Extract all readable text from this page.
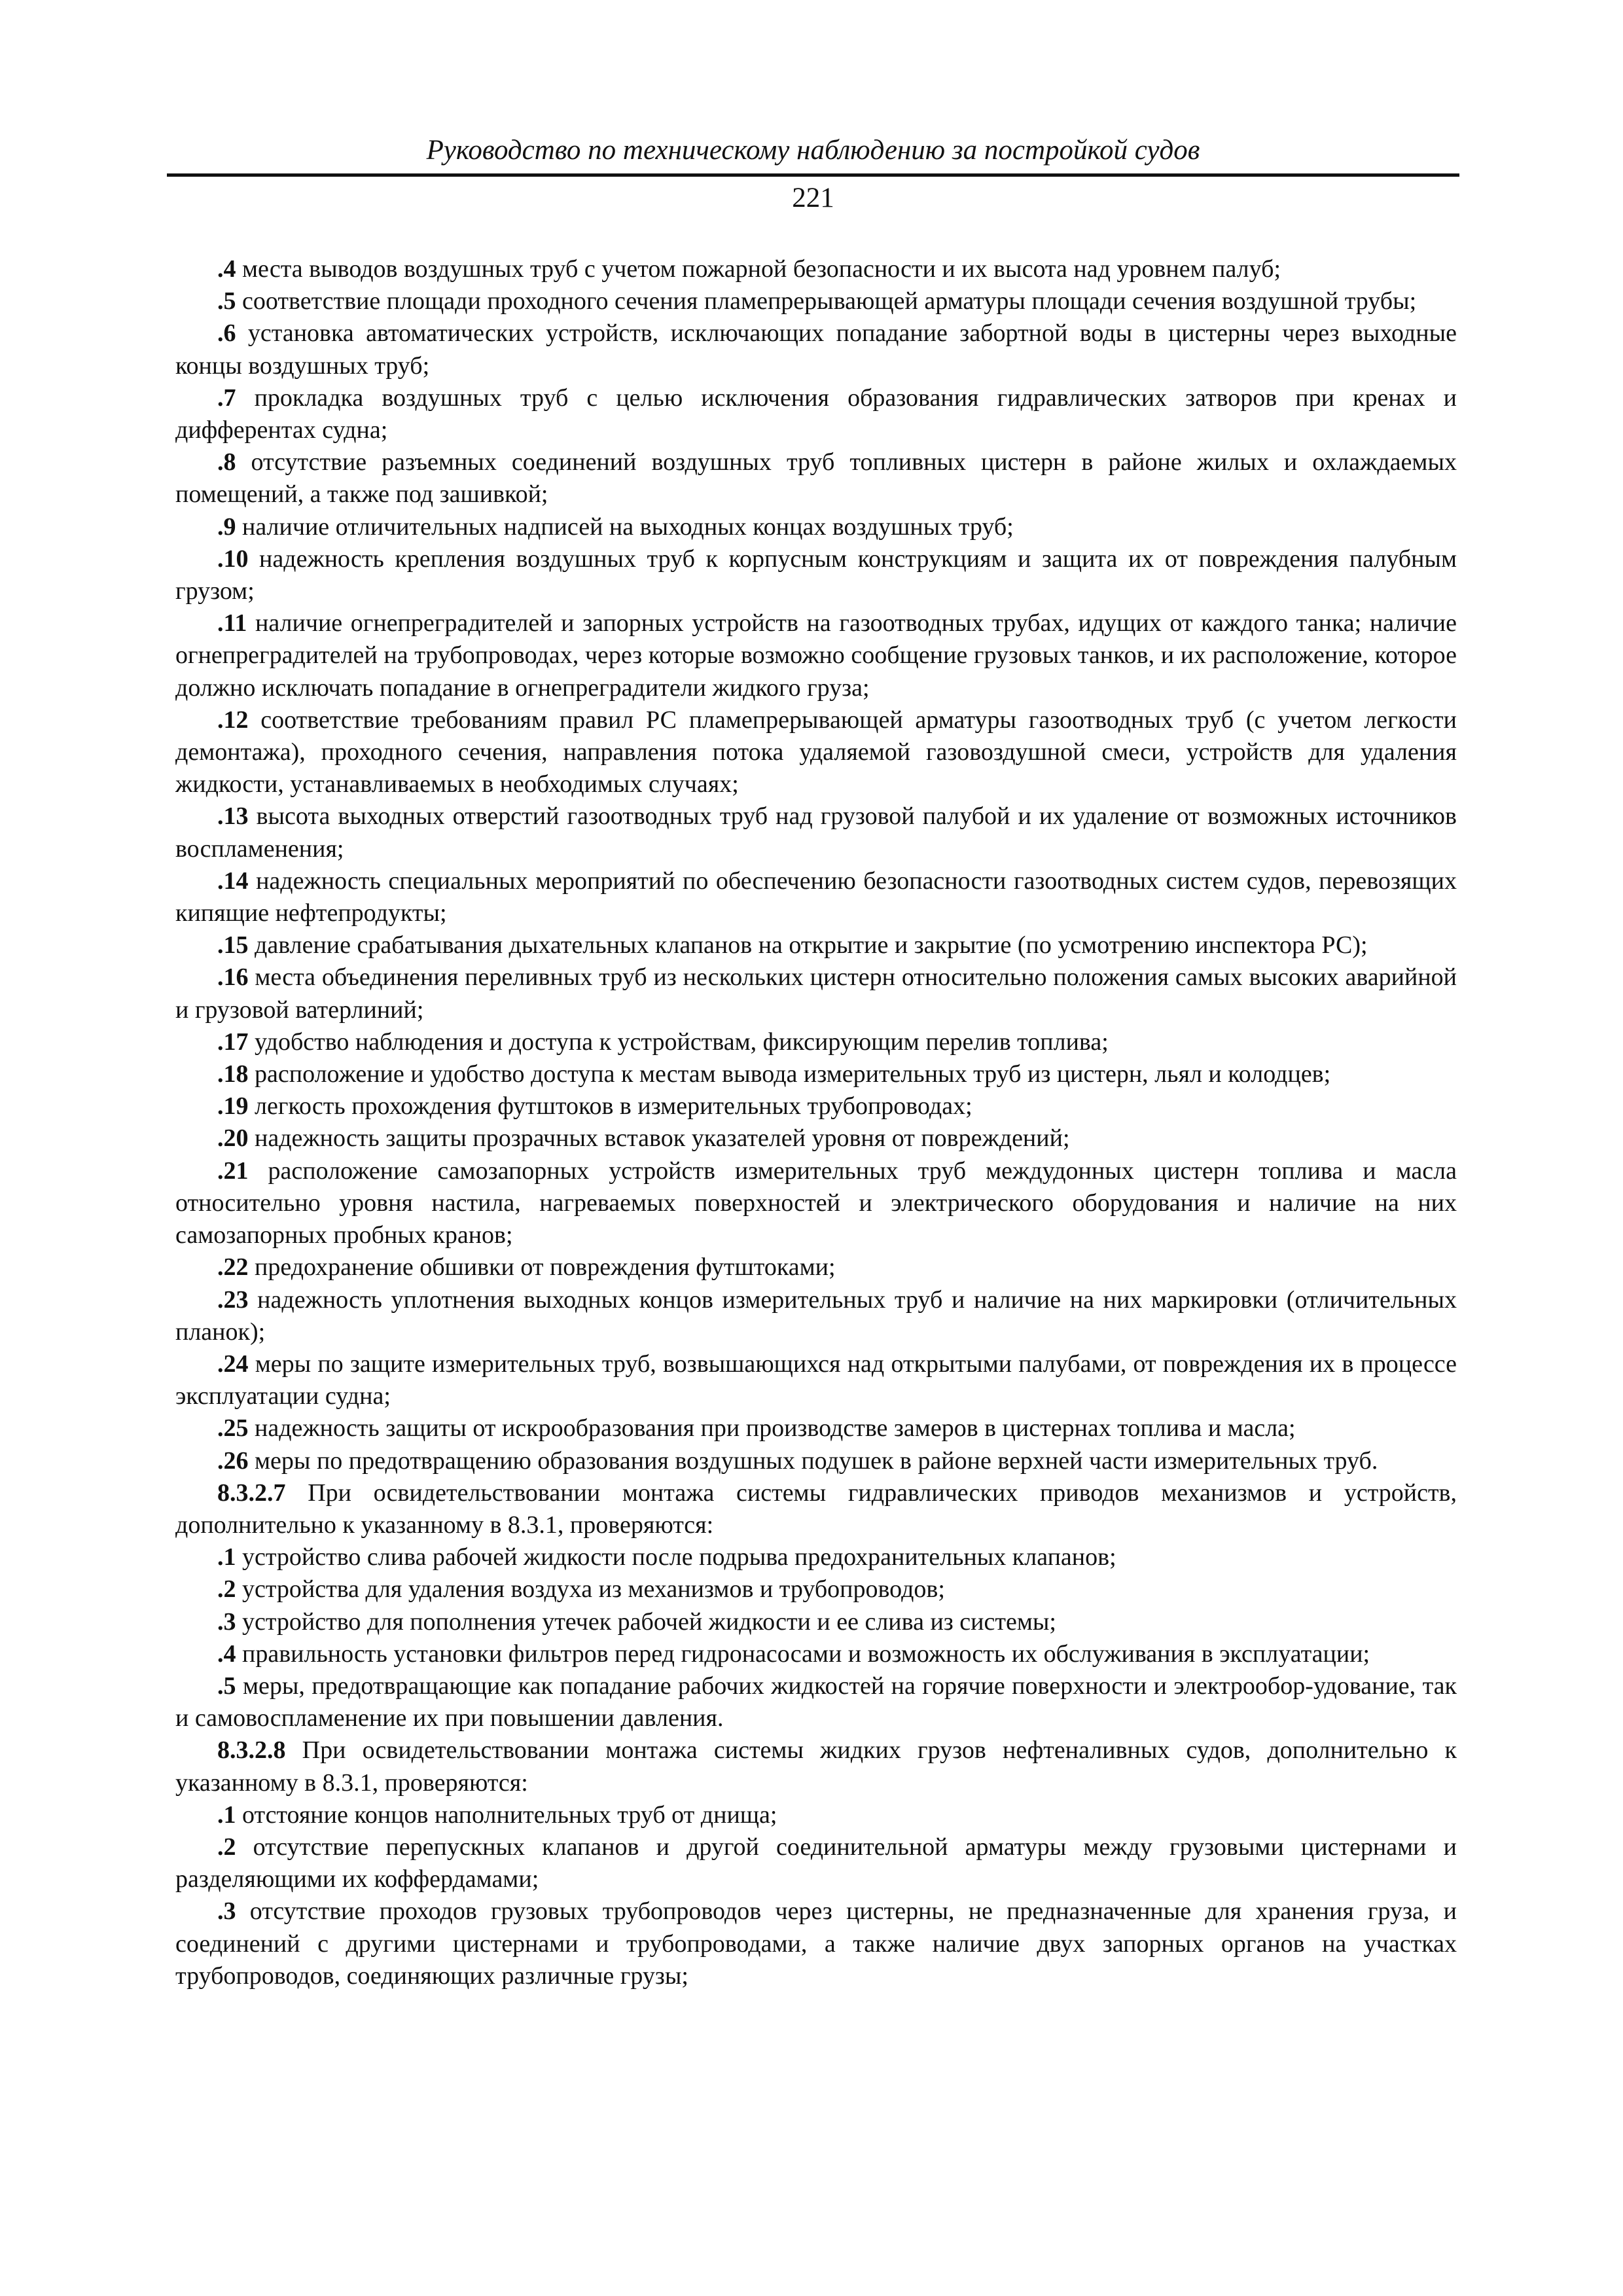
Руководство по техническому наблюдению за постройкой судов
221

.4 места выводов воздушных труб с учетом пожарной безопасности и их высота над уровнем палуб;

.5 соответствие площади проходного сечения пламепрерывающей арматуры площади сечения воздушной трубы;

.6 установка автоматических устройств, исключающих попадание забортной воды в цистерны через выходные концы воздушных труб;

.7 прокладка воздушных труб с целью исключения образования гидравлических затворов при кренах и дифферентах судна;

.8 отсутствие разъемных соединений воздушных труб топливных цистерн в районе жилых и охлаждаемых помещений, а также под зашивкой;

.9 наличие отличительных надписей на выходных концах воздушных труб;

.10 надежность крепления воздушных труб к корпусным конструкциям и защита их от повреждения палубным грузом;

.11 наличие огнепреградителей и запорных устройств на газоотводных трубах, идущих от каждого танка; наличие огнепреградителей на трубопроводах, через которые возможно сообщение грузовых танков, и их расположение, которое должно исключать попадание в огнепреградители жидкого груза;

.12 соответствие требованиям правил РС пламепрерывающей арматуры газоотводных труб (с учетом легкости демонтажа), проходного сечения, направления потока удаляемой газовоздушной смеси, устройств для удаления жидкости, устанавливаемых в необходимых случаях;

.13 высота выходных отверстий газоотводных труб над грузовой палубой и их удаление от возможных источников воспламенения;

.14 надежность специальных мероприятий по обеспечению безопасности газоотводных систем судов, перевозящих кипящие нефтепродукты;

.15 давление срабатывания дыхательных клапанов на открытие и закрытие (по усмотрению инспектора РС);

.16 места объединения переливных труб из нескольких цистерн относительно положения самых высоких аварийной и грузовой ватерлиний;

.17 удобство наблюдения и доступа к устройствам, фиксирующим перелив топлива;

.18 расположение и удобство доступа к местам вывода измерительных труб из цистерн, льял и колодцев;

.19 легкость прохождения футштоков в измерительных трубопроводах;

.20 надежность защиты прозрачных вставок указателей уровня от повреждений;

.21 расположение самозапорных устройств измерительных труб междудонных цистерн топлива и масла относительно уровня настила, нагреваемых поверхностей и электрического оборудования и наличие на них самозапорных пробных кранов;

.22 предохранение обшивки от повреждения футштоками;

.23 надежность уплотнения выходных концов измерительных труб и наличие на них маркировки (отличительных планок);

.24 меры по защите измерительных труб, возвышающихся над открытыми палубами, от повреждения их в процессе эксплуатации судна;

.25 надежность защиты от искрообразования при производстве замеров в цистернах топлива и масла;

.26 меры по предотвращению образования воздушных подушек в районе верхней части измерительных труб.

8.3.2.7 При освидетельствовании монтажа системы гидравлических приводов механизмов и устройств, дополнительно к указанному в 8.3.1, проверяются:

.1 устройство слива рабочей жидкости после подрыва предохранительных клапанов;

.2 устройства для удаления воздуха из механизмов и трубопроводов;

.3 устройство для пополнения утечек рабочей жидкости и ее слива из системы;

.4 правильность установки фильтров перед гидронасосами и возможность их обслуживания в эксплуатации;

.5 меры, предотвращающие как попадание рабочих жидкостей на горячие поверхности и электрообор-удование, так и самовоспламенение их при повышении давления.

8.3.2.8 При освидетельствовании монтажа системы жидких грузов нефтеналивных судов, дополнительно к указанному в 8.3.1, проверяются:

.1 отстояние концов наполнительных труб от днища;

.2 отсутствие перепускных клапанов и другой соединительной арматуры между грузовыми цистернами и разделяющими их коффердамами;

.3 отсутствие проходов грузовых трубопроводов через цистерны, не предназначенные для хранения груза, и соединений с другими цистернами и трубопроводами, а также наличие двух запорных органов на участках трубопроводов, соединяющих различные грузы;
